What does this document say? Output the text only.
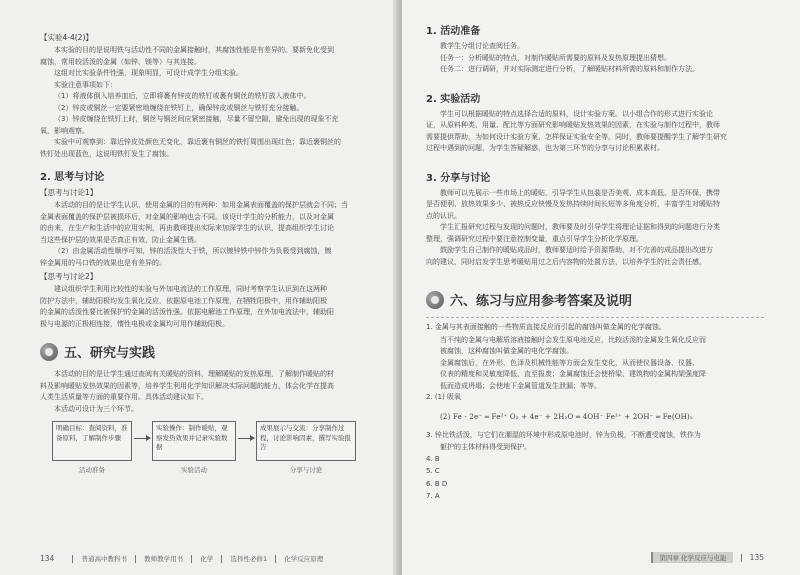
【实验4-4(2)】

本实验的目的是说明铁与活动性不同的金属接触时，其腐蚀性能是有差异的。要新免化受到

腐蚀，常用较活泼的金属（如锌、镁等）与其连接。

这组对比实验条件性强，现象明显，可设计成学生分组实验。

实验注意事项如下：

（1）将液体倒入培养皿后，立即将裹有锌皮的铁钉或裹有铜丝的铁钉放入液体中。

（2）锌皮或铜丝一定要紧密地缠绕在铁钉上，确保锌皮或铜丝与铁钉充分接触。

（3）锌皮缠绕在铁钉上时，铜丝与铜丝间应紧密接触，尽量不留空隙，避免出现的现象不充

氧，影响观察。

实验中可观察到：靠近锌皮处颜色无变化，靠近裹有铜丝的铁钉周围出现红色；靠近裹铜丝的

铁钉处出现蓝色，这说明铁钉发生了腐蚀。

2. 思考与讨论

【思考与讨论1】

本活动的目的是让学生认识，使用金属的目的有两种：如用金属表面覆盖的保护层就会不同；当

金属表面覆盖的保护层被损坏后，对金属的影响也会不同。该设计学生的分析能力，以及对金属

的由来，在生产和生活中的应用实例，再由教师提出实际来加深学生的认识，提高组织学生讨论

当这些保护层的效果是否真正有效，防止金属生锈。

（2）由金属活动性顺序可知，锌的活泼性大于铁，所以镀锌铁中锌作为负极受到腐蚀，镀

锌金属用的马口铁的效果也是有差异的。

【思考与讨论2】

建议组织学生利用比较性的实验与外加电流法的工作原理，同时考察学生认识到在这两种

防护方法中，辅助阳极均发生氧化反应，依据原电池工作原理，在牺牲阳极中，用作辅助阳极

的金属的活泼性要比被保护的金属的活泼性强。依据电解池工作原理，在外加电流法中，辅助阳

极与电源的正极相连接，惰性电极或金属均可用作辅助阳极。

五、研究与实践

本活动的目的是让学生通过查阅有关暖贴的资料，理解暖贴的发热原理，了解制作暖贴的材

料及影响暖贴发热效果的因素等，培养学生利用化学知识解决实际问题的能力，体会化学在提高

人类生活质量等方面的重要作用。具体活动建议如下。

本活动可设计为三个环节。

明确目标：查阅资料，准备原料，了解制作步骤
实验操作：制作暖贴，观察发热效果并记录实验数据
成果展示与交流：分享制作过程，讨论影响因素，撰写实验报告
活动准备	实验活动	分享与讨论
134	普通高中教科书	教师教学用书	化学	选择性必修1	化学反应原理
1. 活动准备

教学生分组讨论查阅任务。

任务一：分析暖贴的特点，对制作暖贴所需要的原料及发热原理提出猜想。

任务二：进行调研，并对实际测定进行分析，了解暖贴材料所需的原料和制作方法。

2. 实验活动

学生可以根据暖贴的特点选择合适的原料，设计实验方案。以小组合作的形式进行实验论

证，从原料种类、用量、配比等方面研究影响暖贴发热效果的因素，在实验与制作过程中，教师

需要提供帮助，为如何设计实验方案、怎样保证实验安全等。同时，教师要提醒学生了解学生研究

过程中遇到的问题，为学生答疑解惑，也为第三环节的分享与讨论积累素材。

3. 分享与讨论

教师可以先展示一些市场上的暖贴，引导学生从包装是否美观、成本高低、是否环保、携带

是否便利、放热效果多少、被热反应快慢及发热持续时间长短等多角度分析，丰富学生对暖贴特

点的认识。

学生汇报研究过程与发现的问题时，教师要及时引导学生将理论证据和得到的问题进行分类

整理，强调研究过程中要注意控制变量，重点引导学生分析化学原理。

鼓励学生自己制作的暖贴成品时，教师要适时给予资源帮助，对不完善的成品提出改进方

向的建议，同时启发学生思考暖贴用过之后内容物的处置方法，以培养学生的社会责任感。

六、练习与应用参考答案及说明

1. 金属与其表面接触的一些物质直接反应而引起的腐蚀叫做金属的化学腐蚀。

当不纯的金属与电解质溶液接触时会发生原电池反应，比较活泼的金属发生氧化反应而

被腐蚀，这种腐蚀叫做金属的电化学腐蚀。

金属腐蚀后，在外形、色泽及机械性能等方面会发生变化，从而使仪器设备、仪器、

仪表的精度和灵敏度降低，直至报废；金属腐蚀还会使桥梁、建筑物的金属构架强度降

低而造成坍塌；会使地下金属管道发生泄漏；等等。

2. (1) 吸氧

(2) Fe - 2e⁻ ═ Fe²⁺ O₂ + 4e⁻ + 2H₂O ═ 4OH⁻ Fe²⁺ + 2OH⁻ ═ Fe(OH)₂

3. 锌比铁活泼，与它们在潮湿的环境中形成原电池时，锌为负极，不断遭受腐蚀，铁作为

躯护的主体材料得受到保护。

4. B

5. C

6. B D

7. A

第四章 化学反应与电能	135
